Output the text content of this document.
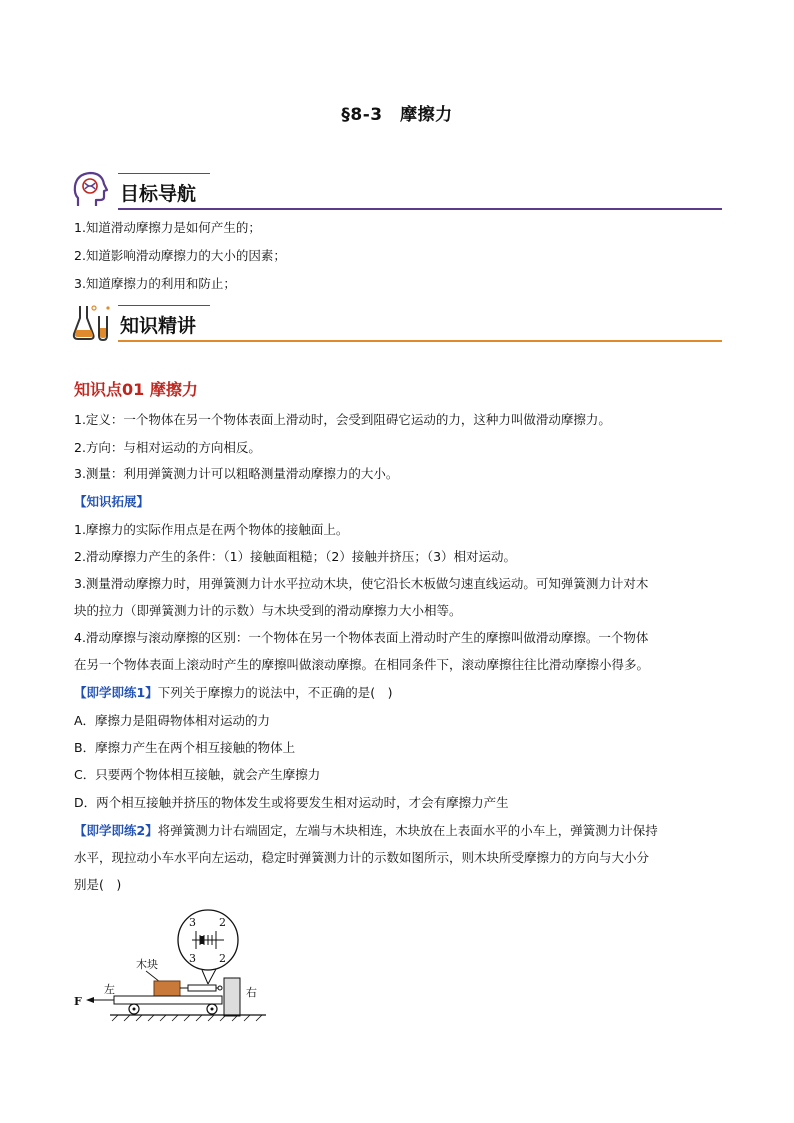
§8-3　摩擦力
目标导航
1.知道滑动摩擦力是如何产生的；
2.知道影响滑动摩擦力的大小的因素；
3.知道摩擦力的利用和防止；
知识精讲
知识点01 摩擦力
1.定义：一个物体在另一个物体表面上滑动时，会受到阻碍它运动的力，这种力叫做滑动摩擦力。
2.方向：与相对运动的方向相反。
3.测量：利用弹簧测力计可以粗略测量滑动摩擦力的大小。
【知识拓展】
1.摩擦力的实际作用点是在两个物体的接触面上。
2.滑动摩擦力产生的条件：（1）接触面粗糙；（2）接触并挤压；（3）相对运动。
3.测量滑动摩擦力时，用弹簧测力计水平拉动木块，使它沿长木板做匀速直线运动。可知弹簧测力计对木
块的拉力（即弹簧测力计的示数）与木块受到的滑动摩擦力大小相等。
4.滑动摩擦与滚动摩擦的区别：一个物体在另一个物体表面上滑动时产生的摩擦叫做滑动摩擦。一个物体
在另一个物体表面上滚动时产生的摩擦叫做滚动摩擦。在相同条件下，滚动摩擦往往比滑动摩擦小得多。
【即学即练1】下列关于摩擦力的说法中，不正确的是(　)
A．摩擦力是阻碍物体相对运动的力
B．摩擦力产生在两个相互接触的物体上
C．只要两个物体相互接触，就会产生摩擦力
D．两个相互接触并挤压的物体发生或将要发生相对运动时，才会有摩擦力产生
【即学即练2】将弹簧测力计右端固定，左端与木块相连，木块放在上表面水平的小车上，弹簧测力计保持
水平，现拉动小车水平向左运动，稳定时弹簧测力计的示数如图所示，则木块所受摩擦力的方向与大小分
别是(　)
3 2
3 2
木块
右
F
左
